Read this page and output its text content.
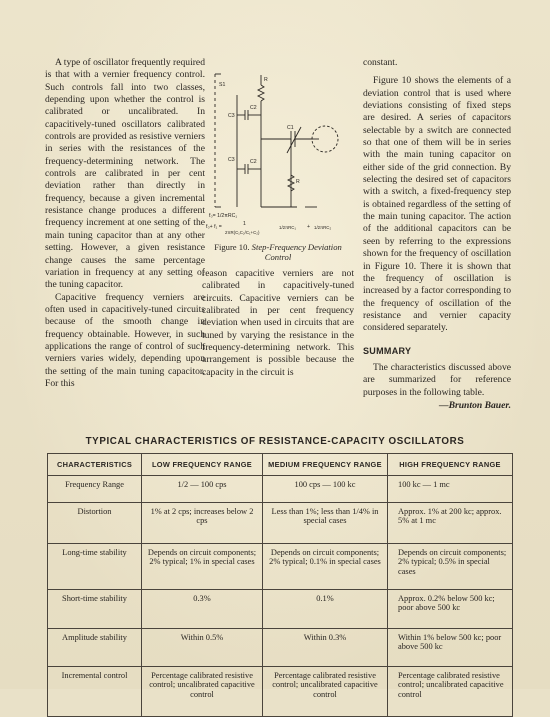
A type of oscillator frequently required is that with a vernier frequency control. Such controls fall into two classes, depending upon whether the control is calibrated or uncalibrated. In capacitively-tuned oscillators calibrated controls are provided as resistive verniers in series with the resistances of the frequency-determining network. The controls are calibrated in per cent deviation rather than directly in frequency, because a given incremental resistance change produces a different frequency increment at one setting of the main tuning capacitor than at any other setting. However, a given resistance change causes the same percentage variation in frequency at any setting of the tuning capacitor.

Capacitive frequency verniers are often used in capacitively-tuned circuits because of the smooth change in frequency obtainable. However, in such applications the range of control of such verniers varies widely, depending upon the setting of the main tuning capacitor. For this

S1
R
C3
C2
C1
C3	C2
R
f₀= 1/2πRC₁
f₀+ f₁ =	1
2πR(C₁C₂/C₁+C₂)
1/2πRC₁ + 1/2πRC₂
Figure 10. Step-Frequency Deviation Control

reason capacitive verniers are not calibrated in capacitively-tuned circuits. Capacitive verniers can be calibrated in per cent frequency deviation when used in circuits that are tuned by varying the resistance in the frequency-determining network. This arrangement is possible because the capacity in the circuit is

constant.

Figure 10 shows the elements of a deviation control that is used where deviations consisting of fixed steps are desired. A series of capacitors selectable by a switch are connected so that one of them will be in series with the main tuning capacitor on either side of the grid connection. By selecting the desired set of capacitors with a switch, a fixed-frequency step is obtained regardless of the setting of the main tuning capacitor. The action of the additional capacitors can be seen by referring to the expressions shown for the frequency of oscillation in Figure 10. There it is shown that the frequency of oscillation is increased by a factor corresponding to the frequency of oscillation of the resistance and vernier capacity considered separately.

SUMMARY

The characteristics discussed above are summarized for reference purposes in the following table.

—Brunton Bauer.
TYPICAL CHARACTERISTICS OF RESISTANCE-CAPACITY OSCILLATORS
CHARACTERISTICS	LOW FREQUENCY RANGE	MEDIUM FREQUENCY RANGE	HIGH FREQUENCY RANGE
Frequency Range	1/2 — 100 cps	100 cps — 100 kc	100 kc — 1 mc
Distortion	1% at 2 cps; increases below 2 cps	Less than 1%; less than 1/4% in special cases	Approx. 1% at 200 kc; approx. 5% at 1 mc
Long-time stability	Depends on circuit components; 2% typical; 1% in special cases	Depends on circuit components; 2% typical; 0.1% in special cases	Depends on circuit components; 2% typical; 0.5% in special cases
Short-time stability	0.3%	0.1%	Approx. 0.2% below 500 kc; poor above 500 kc
Amplitude stability	Within 0.5%	Within 0.3%	Within 1% below 500 kc; poor above 500 kc
Incremental control	Percentage calibrated resistive control; uncalibrated capacitive control	Percentage calibrated resistive control; uncalibrated capacitive control	Percentage calibrated resistive control; uncalibrated capacitive control
